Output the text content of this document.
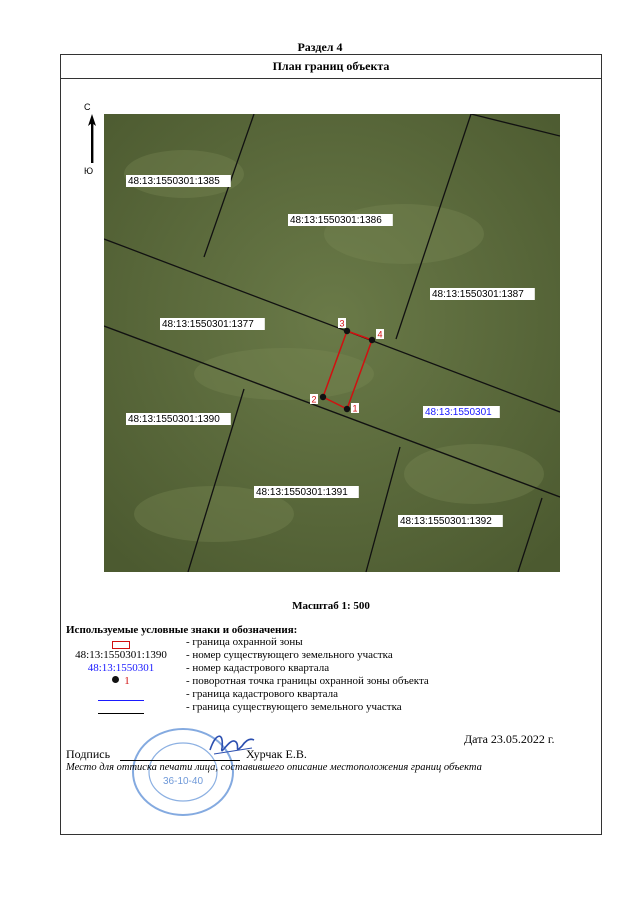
Раздел 4
План границ объекта
С
Ю
1
2
3
4
48:13:1550301:1385
48:13:1550301:1386
48:13:1550301:1387
48:13:1550301:1377
48:13:1550301:1390
48:13:1550301:1391
48:13:1550301:1392
48:13:1550301
Масштаб 1: 500
Используемые условные знаки и обозначения:
- граница охранной зоны
48:13:1550301:1390	- номер существующего земельного участка
48:13:1550301	- номер кадастрового квартала
1	- поворотная точка границы охранной зоны объекта
- граница кадастрового квартала
- граница существующего земельного участка
Дата 23.05.2022 г.
36-10-40
Подпись	Хурчак Е.В.
Место для оттиска печати лица, составившего описание местоположения границ объекта
